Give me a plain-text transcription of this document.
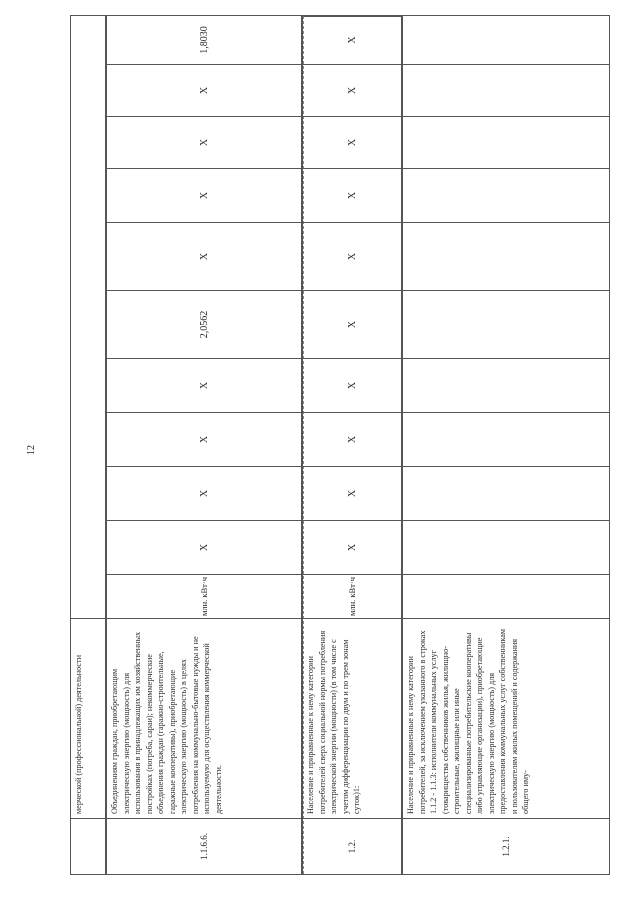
12
мерческой (профессиональной) деятельности
1.1.6.6.
Объединениям граждан, приобретающим электрическую энергию (мощность) для использования в принадлежащих им хозяйственных постройках (погреба, сараи); некоммерческие объединения граждан (гаражно-строительные, гаражные кооперативы), приобретающие электрическую энергию (мощность) в целях потребления на коммунально-бытовые нужды и не используемую для осуществления коммерческой деятельности.
млн. кВт·ч
X
X
X
X
2,0562
X
X
X
X
1,8030
1.2.
Население и приравненные к нему категории потребителей сверх социальной нормы потребления электрической энергии (мощности) (в том числе с учетом дифференциации по двум и по трем зонам суток)1:
млн. кВт·ч
X
X
X
X
X
X
X
X
X
X
1.2.1.
Население и приравненные к нему категории потребителей, за исключением указанного в строках 1.1.2 - 1.1.3: исполнители коммунальных услуг (товарищества собственников жилья, жилищно-строительные, жилищные или иные специализированные потребительские кооперативы либо управляющие организации), приобретающие электрическую энергию (мощность) для предоставления коммунальных услуг собственникам и пользователям жилых помещений и содержания общего иму-
